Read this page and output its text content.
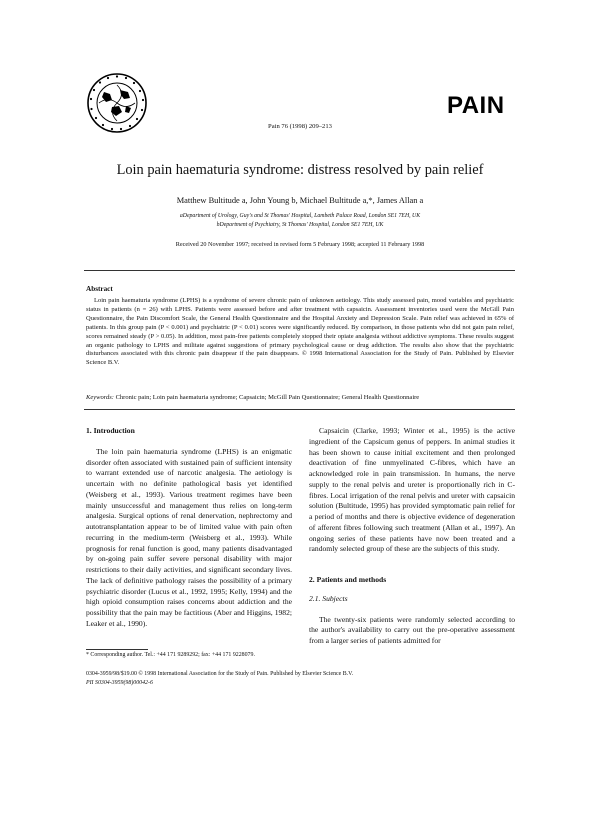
PAIN
Pain 76 (1998) 209–213
Loin pain haematuria syndrome: distress resolved by pain relief
Matthew Bultitude a, John Young b, Michael Bultitude a,*, James Allan a
aDepartment of Urology, Guy's and St Thomas' Hospital, Lambeth Palace Road, London SE1 7EH, UK
bDepartment of Psychiatry, St Thomas' Hospital, London SE1 7EH, UK
Received 20 November 1997; received in revised form 5 February 1998; accepted 11 February 1998
Abstract
Loin pain haematuria syndrome (LPHS) is a syndrome of severe chronic pain of unknown aetiology. This study assessed pain, mood variables and psychiatric status in patients (n = 26) with LPHS. Patients were assessed before and after treatment with capsaicin. Assessment inventories used were the McGill Pain Questionnaire, the Pain Discomfort Scale, the General Health Questionnaire and the Hospital Anxiety and Depression Scale. Pain relief was achieved in 65% of patients. In this group pain (P < 0.001) and psychiatric (P < 0.01) scores were significantly reduced. By comparison, in those patients who did not gain pain relief, scores remained steady (P > 0.05). In addition, most pain-free patients completely stopped their opiate analgesia without addictive symptoms. These results suggest an organic pathology to LPHS and militate against suggestions of primary psychological cause or drug addiction. The results also show that the psychiatric disturbances associated with this chronic pain disappear if the pain disappears. © 1998 International Association for the Study of Pain. Published by Elsevier Science B.V.
Keywords: Chronic pain; Loin pain haematuria syndrome; Capsaicin; McGill Pain Questionnaire; General Health Questionnaire
1. Introduction

The loin pain haematuria syndrome (LPHS) is an enigmatic disorder often associated with sustained pain of sufficient intensity to warrant extended use of narcotic analgesia. The aetiology is uncertain with no definite pathological basis yet identified (Weisberg et al., 1993). Various treatment regimes have been mainly unsuccessful and management thus relies on long-term analgesia. Surgical options of renal denervation, nephrectomy and autotransplantation appear to be of limited value with pain often recurring in the medium-term (Weisberg et al., 1993). While prognosis for renal function is good, many patients disadvantaged by on-going pain suffer severe personal disability with major restrictions to their daily activities, and significant secondary lives. The lack of definitive pathology raises the possibility of a primary psychiatric disorder (Lucus et al., 1992, 1995; Kelly, 1994) and the high opioid consumption raises concerns about addiction and the possibility that the pain may be factitious (Aber and Higgins, 1982; Leaker et al., 1990).

Capsaicin (Clarke, 1993; Winter et al., 1995) is the active ingredient of the Capsicum genus of peppers. In animal studies it has been shown to cause initial excitement and then prolonged deactivation of fine unmyelinated C-fibres, which have an acknowledged role in pain transmission. In humans, the nerve supply to the renal pelvis and ureter is proportionally rich in C-fibres. Local irrigation of the renal pelvis and ureter with capsaicin solution (Bultitude, 1995) has provided symptomatic pain relief for a period of months and there is objective evidence of degeneration of afferent fibres following such treatment (Allan et al., 1997). An ongoing series of these patients have now been treated and a randomly selected group of these are the subjects of this study.

2. Patients and methods
2.1. Subjects

The twenty-six patients were randomly selected according to the author's availability to carry out the pre-operative assessment from a larger series of patients admitted for

* Corresponding author. Tel.: +44 171 9289292; fax: +44 171 9228079.
0304-3959/98/$19.00 © 1998 International Association for the Study of Pain. Published by Elsevier Science B.V.
PII S0304-3959(98)00042-6
